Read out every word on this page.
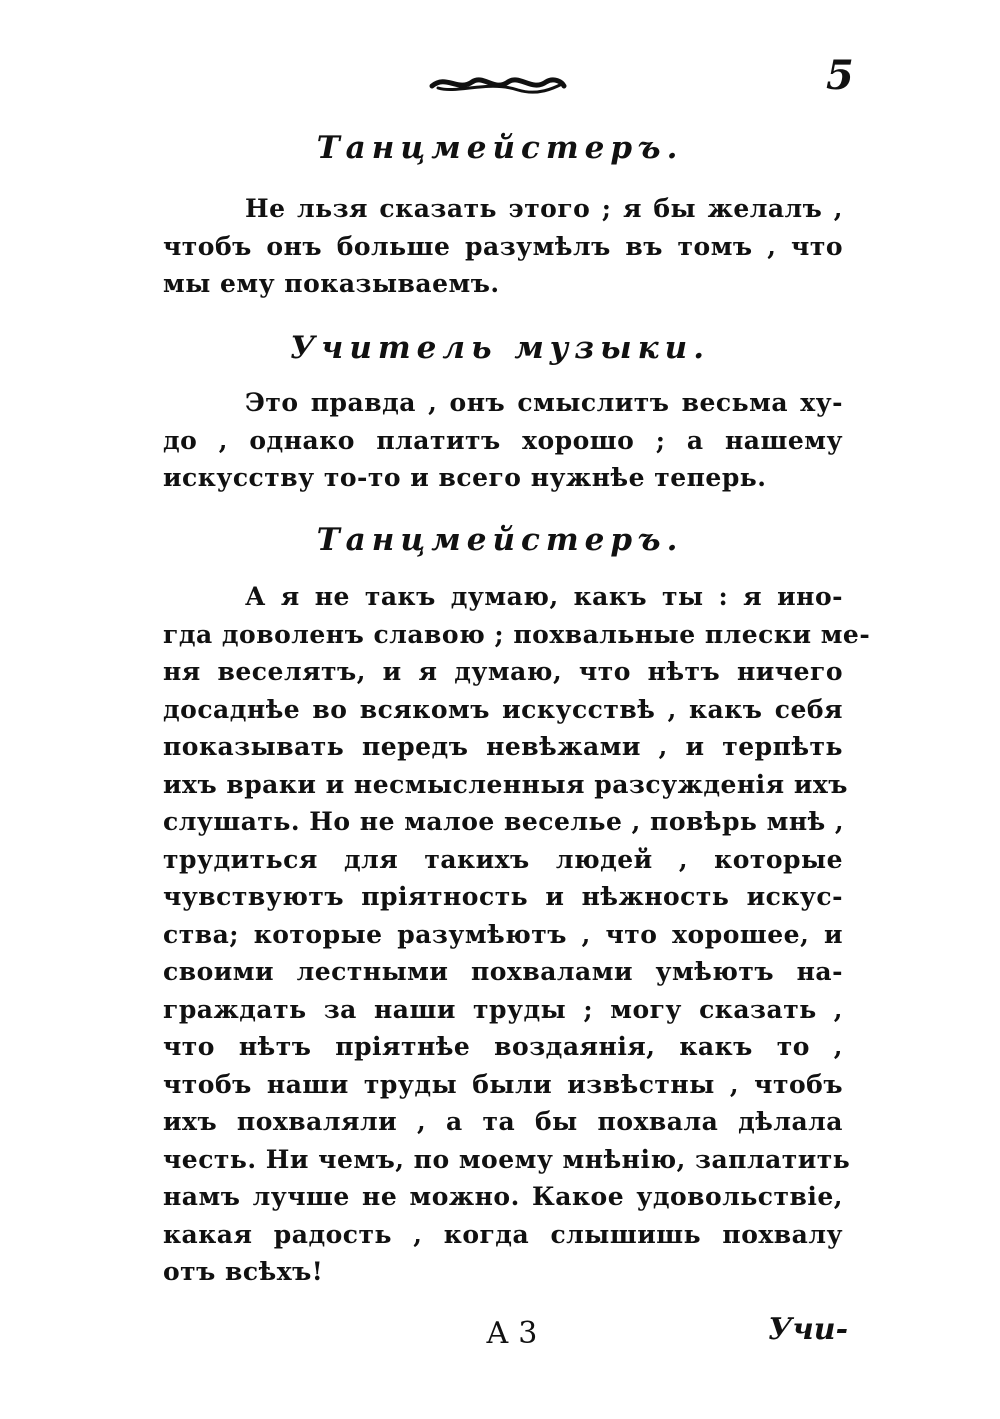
5
Танцмейстеръ.

Не льзя сказать этого ; я бы желалъ ,
чтобъ онъ больше разумѣлъ въ томъ , что
мы ему показываемъ.

Учитель музыки.

Это правда , онъ смыслитъ весьма ху-
до , однако платитъ хорошо ; а нашему
искусству то-то и всего нужнѣе теперь.

Танцмейстеръ.

А я не такъ думаю, какъ ты : я ино-
гда доволенъ славою ; похвальные плески ме-
ня веселятъ, и я думаю, что нѣтъ ничего
досаднѣе во всякомъ искусствѣ , какъ себя
показывать передъ невѣжами , и терпѣть
ихъ враки и несмысленныя разсужденія ихъ
слушать. Но не малое веселье , повѣрь мнѣ ,
трудиться для такихъ людей , которые
чувствуютъ пріятность и нѣжность искус-
ства; которые разумѣютъ , что хорошее, и
своими лестными похвалами умѣютъ на-
граждать за наши труды ; могу сказать ,
что нѣтъ пріятнѣе воздаянія, какъ то ,
чтобъ наши труды были извѣстны , чтобъ
ихъ похваляли , а та бы похвала дѣлала
честь. Ни чемъ, по моему мнѣнію, заплатить
намъ лучше не можно. Какое удовольствіе,
какая радость , когда слышишь похвалу
отъ всѣхъ!

А 3	Учи-
